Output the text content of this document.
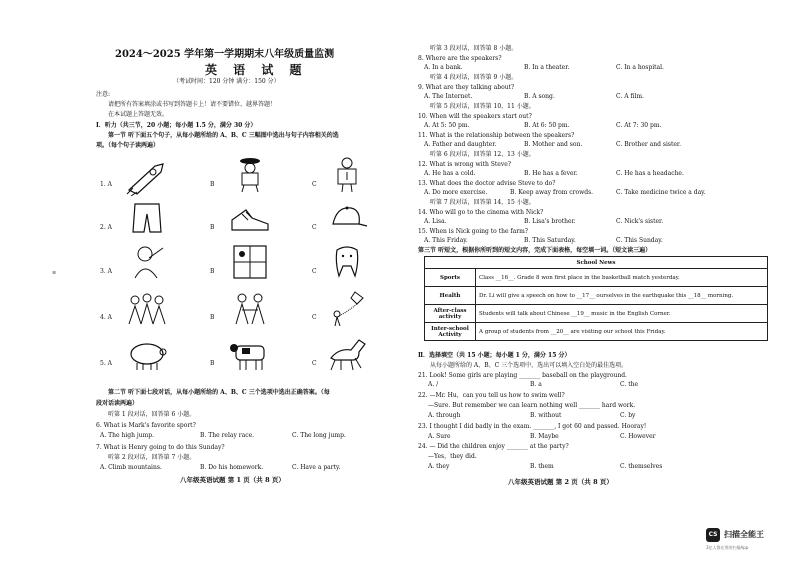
2024～2025 学年第一学期期末八年级质量监测
英 语 试 题
（考试时间：120 分钟 满分：150 分）
注意:
请把所有答案填涂或书写到答题卡上！请不要错位、越界答题！
在本试题上答题无效。
Ⅰ．听力（共三节，20 小题；每小题 1.5 分，满分 30 分）
第一节 听下面五个句子，从每小题所给的 A、B、C 三幅图中选出与句子内容相关的选
项。（每个句子读两遍）
≡
1. A	B	C
2. A	B	C
3. A	B	C
4. A	B	C
5. A	B	C
第二节 听下面七段对话，从每小题所给的 A、B、C 三个选项中选出正确答案。（每
段对话读两遍）
听第 1 段对话，回答第 6 小题。
6. What is Mark's favorite sport?
A. The high jump.	B. The relay race.	C. The long jump.
7. What is Henry going to do this Sunday?
听第 2 段对话，回答第 7 小题。
A. Climb mountains.	B. Do his homework.	C. Have a party.
八年级英语试题 第 1 页（共 8 页）
听第 3 段对话，回答第 8 小题。
8. Where are the speakers?
A. In a bank.	B. In a theater.	C. In a hospital.
听第 4 段对话，回答第 9 小题。
9. What are they talking about?
A. The Internet.	B. A song.	C. A film.
听第 5 段对话，回答第 10、11 小题。
10. When will the speakers start out?
A. At 5: 50 pm.	B. At 6: 50 pm.	C. At 7: 30 pm.
11. What is the relationship between the speakers?
A. Father and daughter.	B. Mother and son.	C. Brother and sister.
听第 6 段对话，回答第 12、13 小题。
12. What is wrong with Steve?
A. He has a cold.	B. He has a fever.	C. He has a headache.
13. What does the doctor advise Steve to do?
A. Do more exercise.	B. Keep away from crowds.	C. Take medicine twice a day.
听第 7 段对话，回答第 14、15 小题。
14. Who will go to the cinema with Nick?
A. Lisa.	B. Lisa's brother.	C. Nick's sister.
15. When is Nick going to the farm?
A. This Friday.	B. This Saturday.	C. This Sunday.
第三节 听短文，根据你所听到的短文内容，完成下面表格，每空填一词。（短文读三遍）
School News	
Sports	Class __16__. Grade 8 won first place in the basketball match yesterday.
Health	Dr. Li will give a speech on how to __17__ ourselves in the earthquake this __18__ morning.
After-class activity	Students will talk about Chinese __19__ music in the English Corner.
Inter-school Activity	A group of students from __20__ are visiting our school this Friday.
Ⅱ．选择填空（共 15 小题；每小题 1 分，满分 15 分）
从每小题所给的 A、B、C 三个选项中，选出可以填入空白处的最佳选项。
21. Look! Some girls are playing _______ baseball on the playground.
A. /	B. a	C. the
22. —Mr. Hu，can you tell us how to swim well?
—Sure. But remember we can learn nothing well _______ hard work.
A. through	B. without	C. by
23. I thought I did badly in the exam. _______, I got 60 and passed. Hooray!
A. Sure	B. Maybe	C. However
24. — Did the children enjoy _______ at the party?
—Yes，they did.
A. they	B. them	C. themselves
八年级英语试题 第 2 页（共 8 页）
CS 扫描全能王
3亿人都在用的扫描App
